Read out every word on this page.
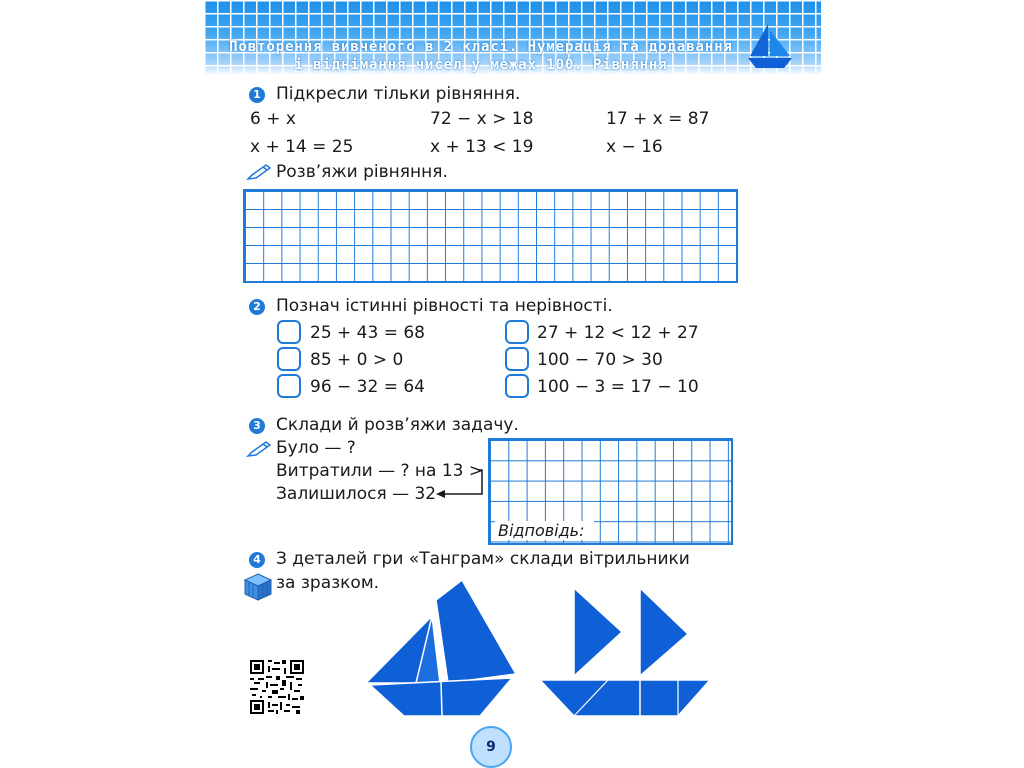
Повторення вивченого в 2 класі. Нумерація та додавання
і віднімання чисел у межах 100. Рівняння
1 Підкресли тільки рівняння.
6 + x	72 − x > 18	17 + x = 87
x + 14 = 25	x + 13 < 19	x − 16
Розв’яжи рівняння.
2 Познач істинні рівності та нерівності.
25 + 43 = 68	27 + 12 < 12 + 27
85 + 0 > 0	100 − 70 > 30
96 − 32 = 64	100 − 3 = 17 − 10
3 Склади й розв’яжи задачу.
Було — ?
Витратили — ? на 13 >
Залишилося — 32
Відповідь:
4 З деталей гри «Танграм» склади вітрильники
за зразком.
9
